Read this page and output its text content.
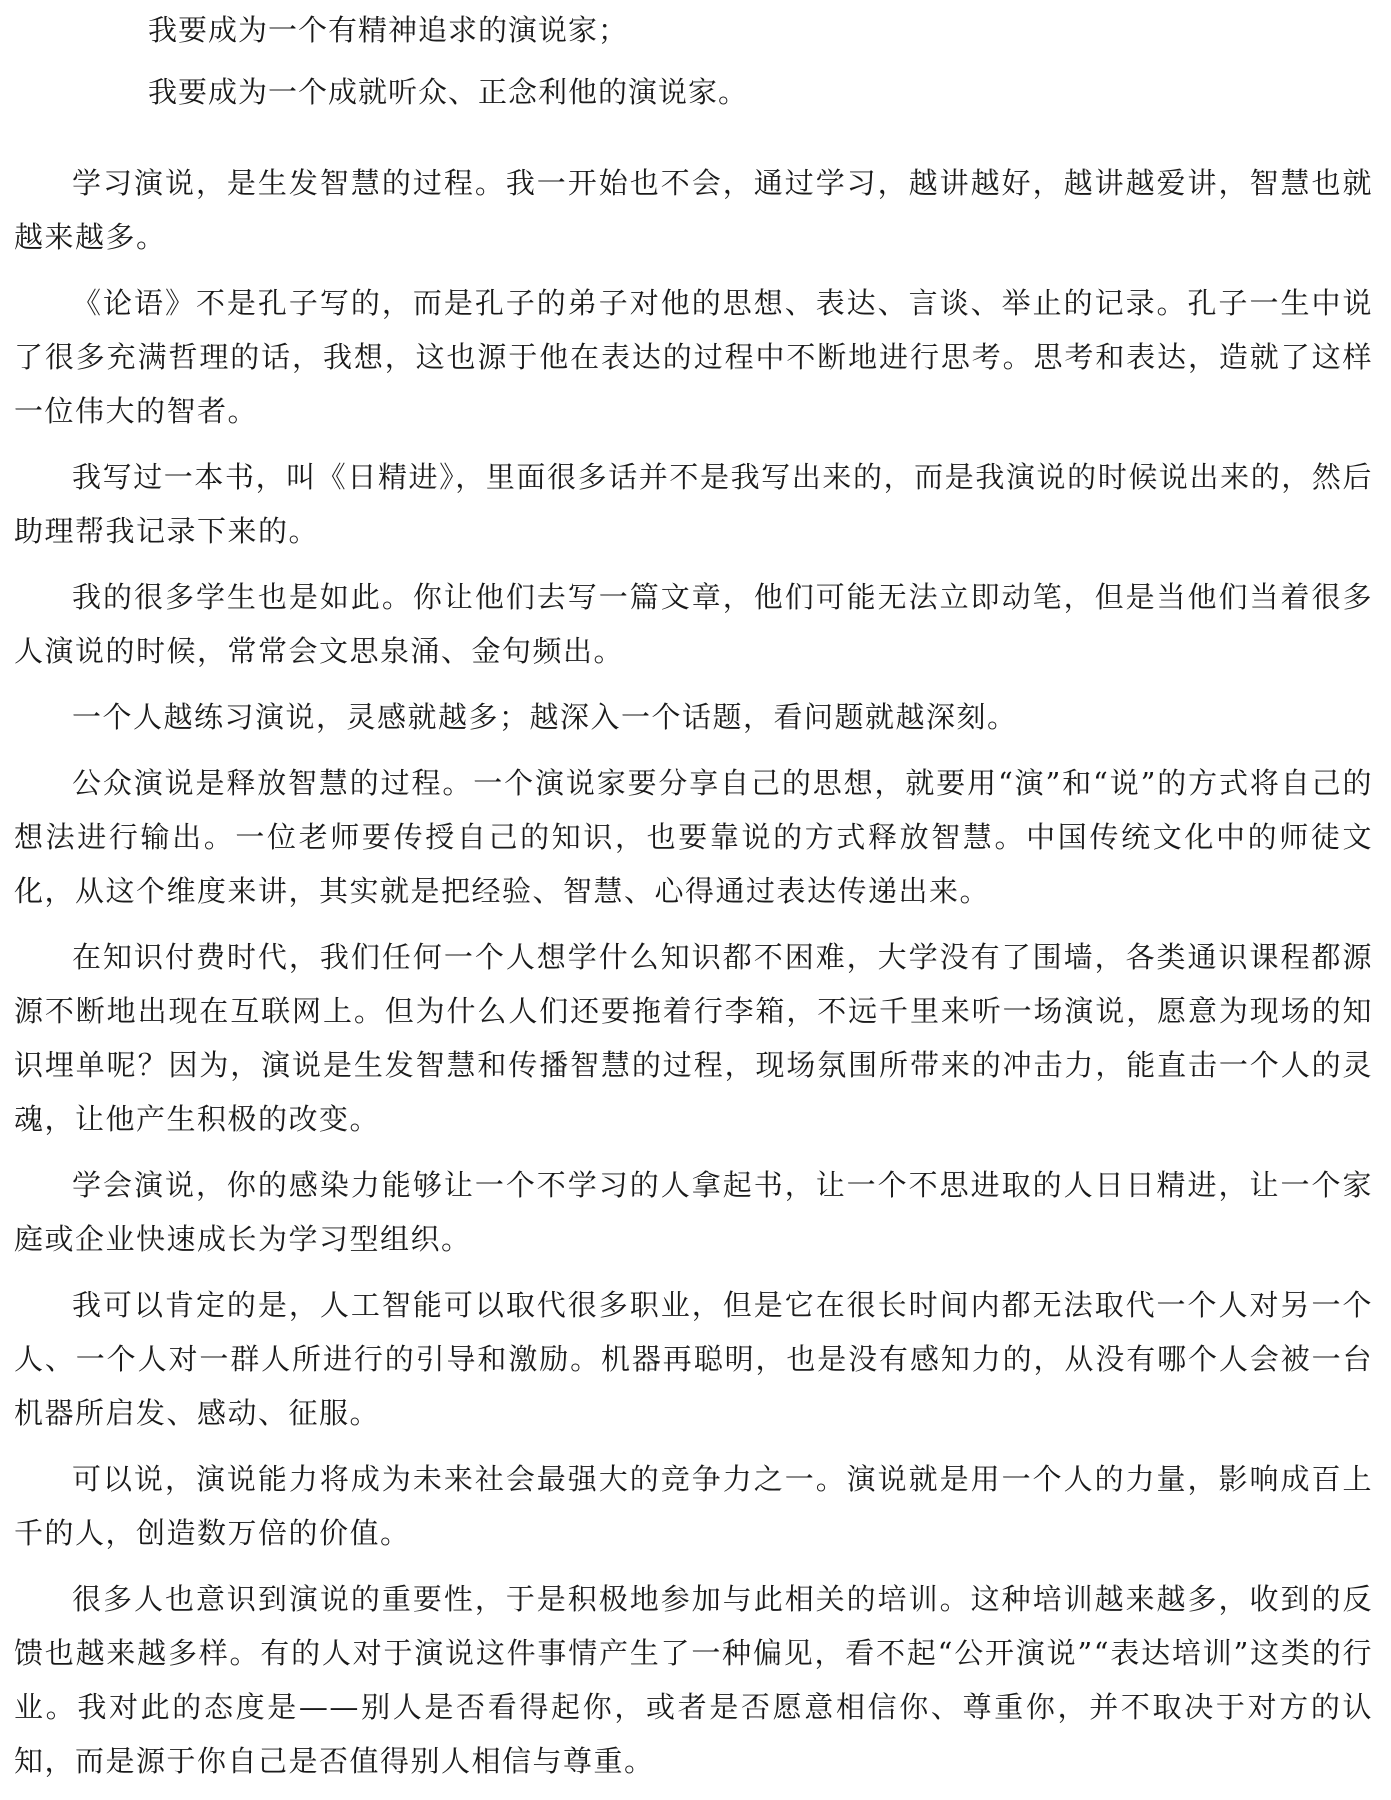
我要成为一个有精神追求的演说家；

我要成为一个成就听众、正念利他的演说家。

学习演说，是生发智慧的过程。我一开始也不会，通过学习，越讲越好，越讲越爱讲，智慧也就越来越多。

《论语》不是孔子写的，而是孔子的弟子对他的思想、表达、言谈、举止的记录。孔子一生中说了很多充满哲理的话，我想，这也源于他在表达的过程中不断地进行思考。思考和表达，造就了这样一位伟大的智者。

我写过一本书，叫《日精进》，里面很多话并不是我写出来的，而是我演说的时候说出来的，然后助理帮我记录下来的。

我的很多学生也是如此。你让他们去写一篇文章，他们可能无法立即动笔，但是当他们当着很多人演说的时候，常常会文思泉涌、金句频出。

一个人越练习演说，灵感就越多；越深入一个话题，看问题就越深刻。

公众演说是释放智慧的过程。一个演说家要分享自己的思想，就要用“演”和“说”的方式将自己的想法进行输出。一位老师要传授自己的知识，也要靠说的方式释放智慧。中国传统文化中的师徒文化，从这个维度来讲，其实就是把经验、智慧、心得通过表达传递出来。

在知识付费时代，我们任何一个人想学什么知识都不困难，大学没有了围墙，各类通识课程都源源不断地出现在互联网上。但为什么人们还要拖着行李箱，不远千里来听一场演说，愿意为现场的知识埋单呢？因为，演说是生发智慧和传播智慧的过程，现场氛围所带来的冲击力，能直击一个人的灵魂，让他产生积极的改变。

学会演说，你的感染力能够让一个不学习的人拿起书，让一个不思进取的人日日精进，让一个家庭或企业快速成长为学习型组织。

我可以肯定的是，人工智能可以取代很多职业，但是它在很长时间内都无法取代一个人对另一个人、一个人对一群人所进行的引导和激励。机器再聪明，也是没有感知力的，从没有哪个人会被一台机器所启发、感动、征服。

可以说，演说能力将成为未来社会最强大的竞争力之一。演说就是用一个人的力量，影响成百上千的人，创造数万倍的价值。

很多人也意识到演说的重要性，于是积极地参加与此相关的培训。这种培训越来越多，收到的反馈也越来越多样。有的人对于演说这件事情产生了一种偏见，看不起“公开演说”“表达培训”这类的行业。我对此的态度是——别人是否看得起你，或者是否愿意相信你、尊重你，并不取决于对方的认知，而是源于你自己是否值得别人相信与尊重。
